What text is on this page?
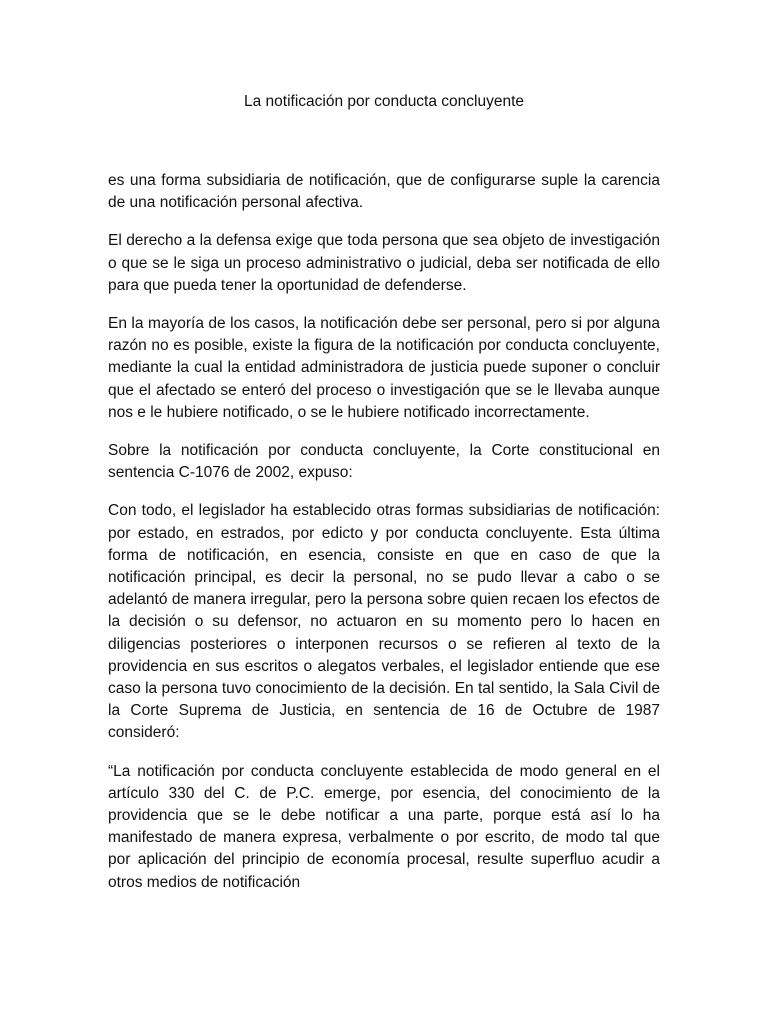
La notificación por conducta concluyente

es una forma subsidiaria de notificación, que de configurarse suple la carencia de una notificación personal afectiva.

El derecho a la defensa exige que toda persona que sea objeto de investigación o que se le siga un proceso administrativo o judicial, deba ser notificada de ello para que pueda tener la oportunidad de defenderse.

En la mayoría de los casos, la notificación debe ser personal, pero si por alguna razón no es posible, existe la figura de la notificación por conducta concluyente, mediante la cual la entidad administradora de justicia puede suponer o concluir que el afectado se enteró del proceso o investigación que se le llevaba aunque nos e le hubiere notificado, o se le hubiere notificado incorrectamente.

Sobre la notificación por conducta concluyente, la Corte constitucional en sentencia C-1076 de 2002, expuso:

Con todo, el legislador ha establecido otras formas subsidiarias de notificación: por estado, en estrados, por edicto y por conducta concluyente. Esta última forma de notificación, en esencia, consiste en que en caso de que la notificación principal, es decir la personal, no se pudo llevar a cabo o se adelantó de manera irregular, pero la persona sobre quien recaen los efectos de la decisión o su defensor, no actuaron en su momento pero lo hacen en diligencias posteriores o interponen recursos o se refieren al texto de la providencia en sus escritos o alegatos verbales, el legislador entiende que ese caso la persona tuvo conocimiento de la decisión. En tal sentido, la Sala Civil de la Corte Suprema de Justicia, en sentencia de 16 de Octubre de 1987 consideró:

“La notificación por conducta concluyente establecida de modo general en el artículo 330 del C. de P.C. emerge, por esencia, del conocimiento de la providencia que se le debe notificar a una parte, porque está así lo ha manifestado de manera expresa, verbalmente o por escrito, de modo tal que por aplicación del principio de economía procesal, resulte superfluo acudir a otros medios de notificación
